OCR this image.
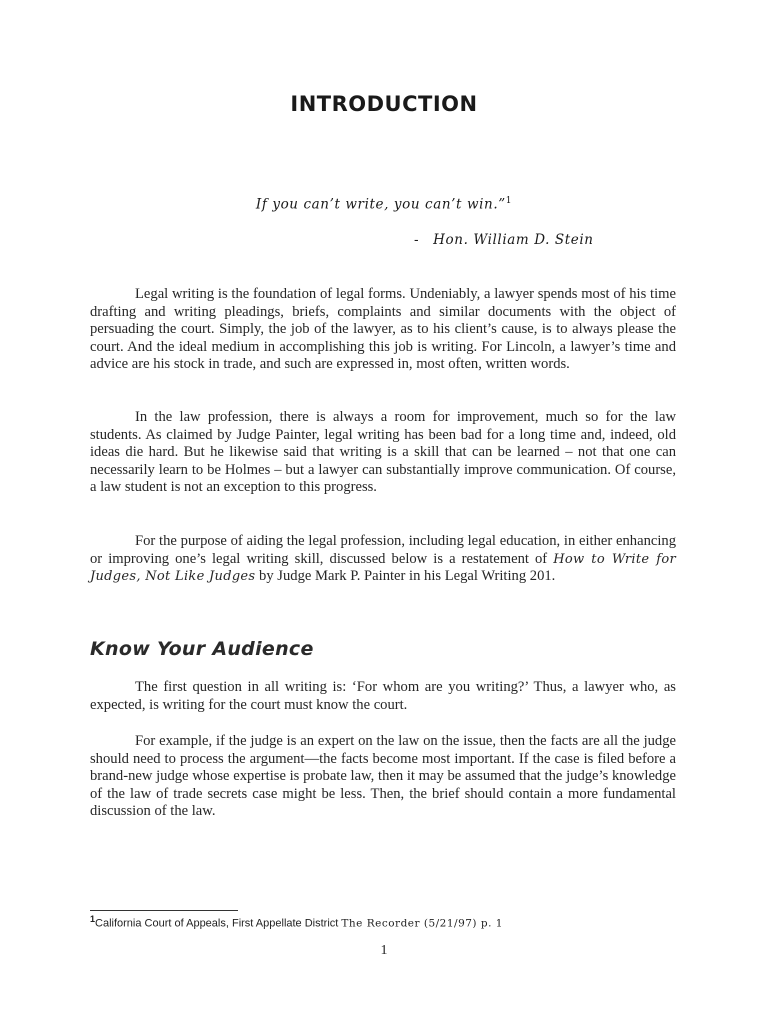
INTRODUCTION
If you can’t write, you can’t win.”$^1$
- Hon. William D. Stein

Legal writing is the foundation of legal forms. Undeniably, a lawyer spends most of his time drafting and writing pleadings, briefs, complaints and similar documents with the object of persuading the court. Simply, the job of the lawyer, as to his client’s cause, is to always please the court. And the ideal medium in accomplishing this job is writing. For Lincoln, a lawyer’s time and advice are his stock in trade, and such are expressed in, most often, written words.

In the law profession, there is always a room for improvement, much so for the law students. As claimed by Judge Painter, legal writing has been bad for a long time and, indeed, old ideas die hard. But he likewise said that writing is a skill that can be learned – not that one can necessarily learn to be Holmes – but a lawyer can substantially improve communication. Of course, a law student is not an exception to this progress.

For the purpose of aiding the legal profession, including legal education, in either enhancing or improving one’s legal writing skill, discussed below is a restatement of How to Write for Judges, Not Like Judges by Judge Mark P. Painter in his Legal Writing 201.

Know Your Audience

The first question in all writing is: ‘For whom are you writing?’ Thus, a lawyer who, as expected, is writing for the court must know the court.

For example, if the judge is an expert on the law on the issue, then the facts are all the judge should need to process the argument—the facts become most important. If the case is filed before a brand-new judge whose expertise is probate law, then it may be assumed that the judge’s knowledge of the law of trade secrets case might be less. Then, the brief should contain a more fundamental discussion of the law.

$^1$California Court of Appeals, First Appellate District The Recorder (5/21/97) p. 1
1
